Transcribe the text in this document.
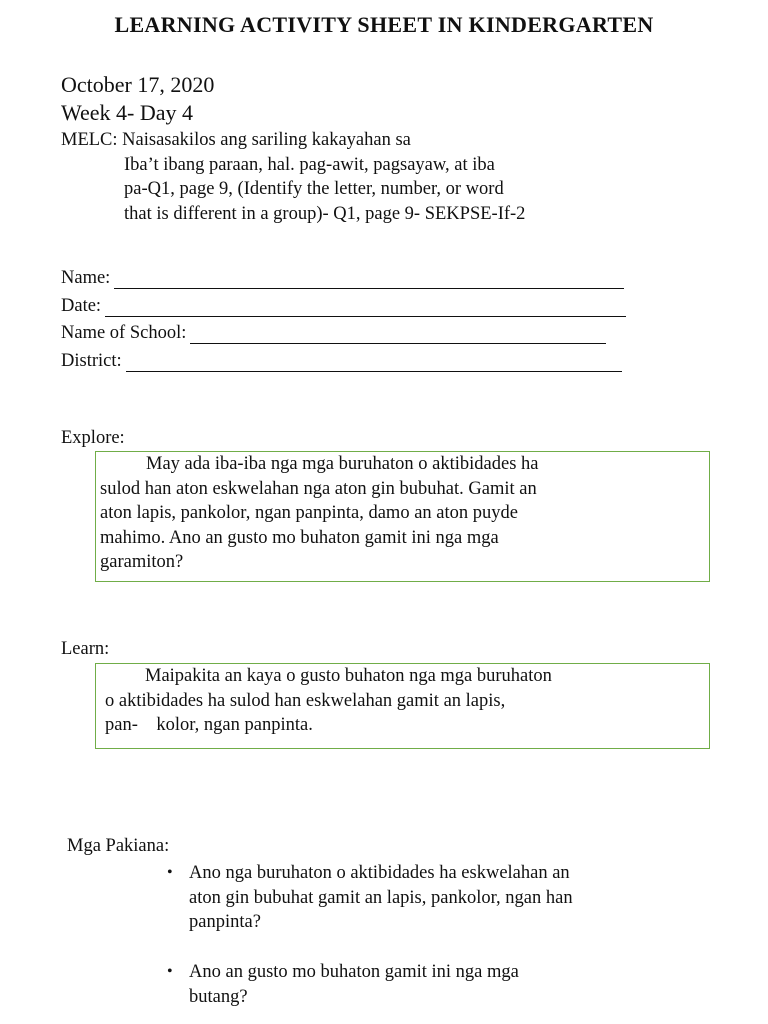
LEARNING ACTIVITY SHEET IN KINDERGARTEN
October 17, 2020
Week 4- Day 4
MELC: Naisasakilos ang sariling kakayahan sa
Iba’t ibang paraan, hal. pag-awit, pagsayaw, at iba
pa-Q1, page 9, (Identify the letter, number, or word
that is different in a group)- Q1, page 9- SEKPSE-If-2
Name:
Date:
Name of School:
District:
Explore:
May ada iba-iba nga mga buruhaton o aktibidades ha
sulod han aton eskwelahan nga aton gin bubuhat. Gamit an
aton lapis, pankolor, ngan panpinta, damo an aton puyde
mahimo. Ano an gusto mo buhaton gamit ini nga mga
garamiton?
Learn:
Maipakita an kaya o gusto buhaton nga mga buruhaton
o aktibidades ha sulod han eskwelahan gamit an lapis,
pan-    kolor, ngan panpinta.
Mga Pakiana:
• Ano nga buruhaton o aktibidades ha eskwelahan an
aton gin bubuhat gamit an lapis, pankolor, ngan han
panpinta?
• Ano an gusto mo buhaton gamit ini nga mga
butang?
